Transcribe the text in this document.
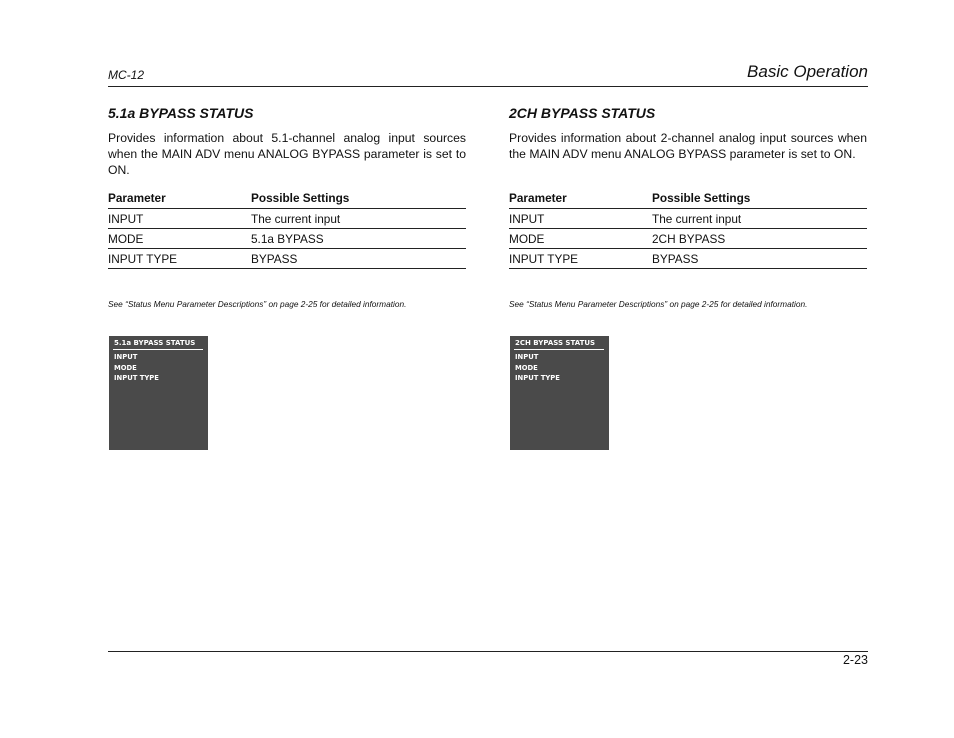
MC-12	Basic Operation
5.1a BYPASS STATUS

Provides information about 5.1-channel analog input sources when the MAIN ADV menu ANALOG BYPASS parameter is set to ON.

Parameter	Possible Settings
INPUT	The current input
MODE	5.1a BYPASS
INPUT TYPE	BYPASS
See “Status Menu Parameter Descriptions” on page 2-25 for detailed information.
5.1a BYPASS STATUS
INPUT
MODE
INPUT TYPE
2CH BYPASS STATUS

Provides information about 2-channel analog input sources when the MAIN ADV menu ANALOG BYPASS parameter is set to ON.

Parameter	Possible Settings
INPUT	The current input
MODE	2CH BYPASS
INPUT TYPE	BYPASS
See “Status Menu Parameter Descriptions” on page 2-25 for detailed information.
2CH BYPASS STATUS
INPUT
MODE
INPUT TYPE
2-23
